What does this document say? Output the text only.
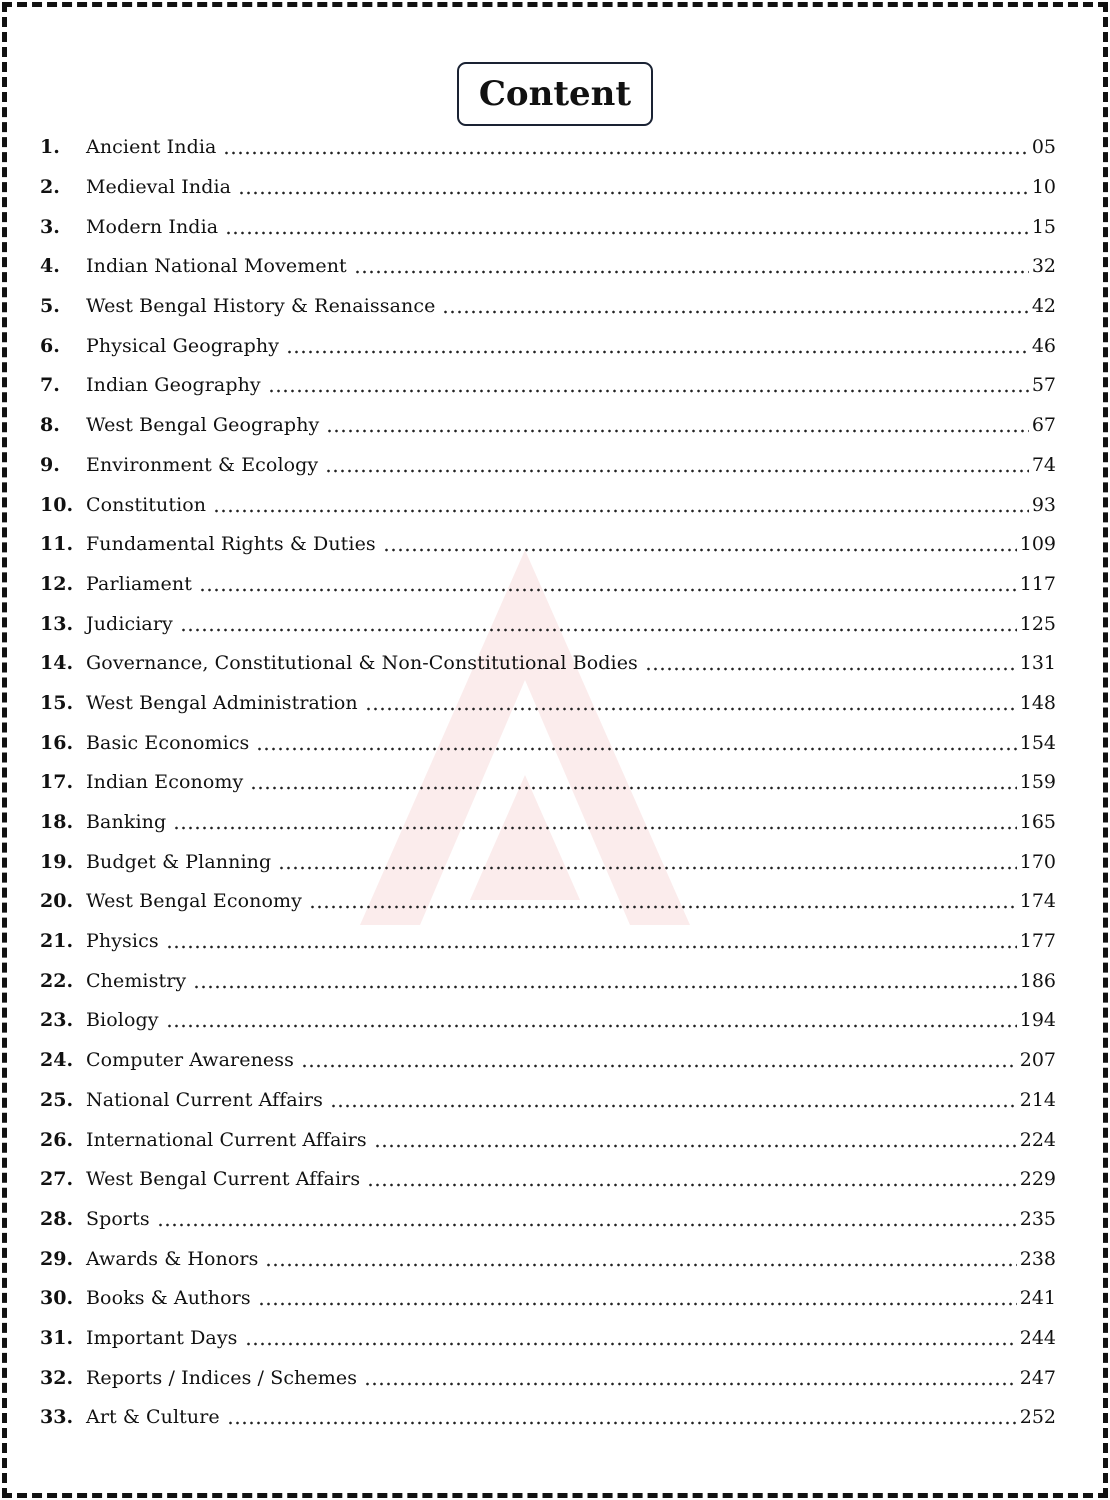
Content
1.	Ancient India	05
2.	Medieval India	10
3.	Modern India	15
4.	Indian National Movement	32
5.	West Bengal History & Renaissance	42
6.	Physical Geography	46
7.	Indian Geography	57
8.	West Bengal Geography	67
9.	Environment & Ecology	74
10. Constitution	93
11. Fundamental Rights & Duties	109
12. Parliament	117
13. Judiciary	125
14. Governance, Constitutional & Non-Constitutional Bodies	131
15. West Bengal Administration	148
16. Basic Economics	154
17. Indian Economy	159
18. Banking	165
19. Budget & Planning	170
20. West Bengal Economy	174
21. Physics	177
22. Chemistry	186
23. Biology	194
24. Computer Awareness	207
25. National Current Affairs	214
26. International Current Affairs	224
27. West Bengal Current Affairs	229
28. Sports	235
29. Awards & Honors	238
30. Books & Authors	241
31. Important Days	244
32. Reports / Indices / Schemes	247
33. Art & Culture	252
